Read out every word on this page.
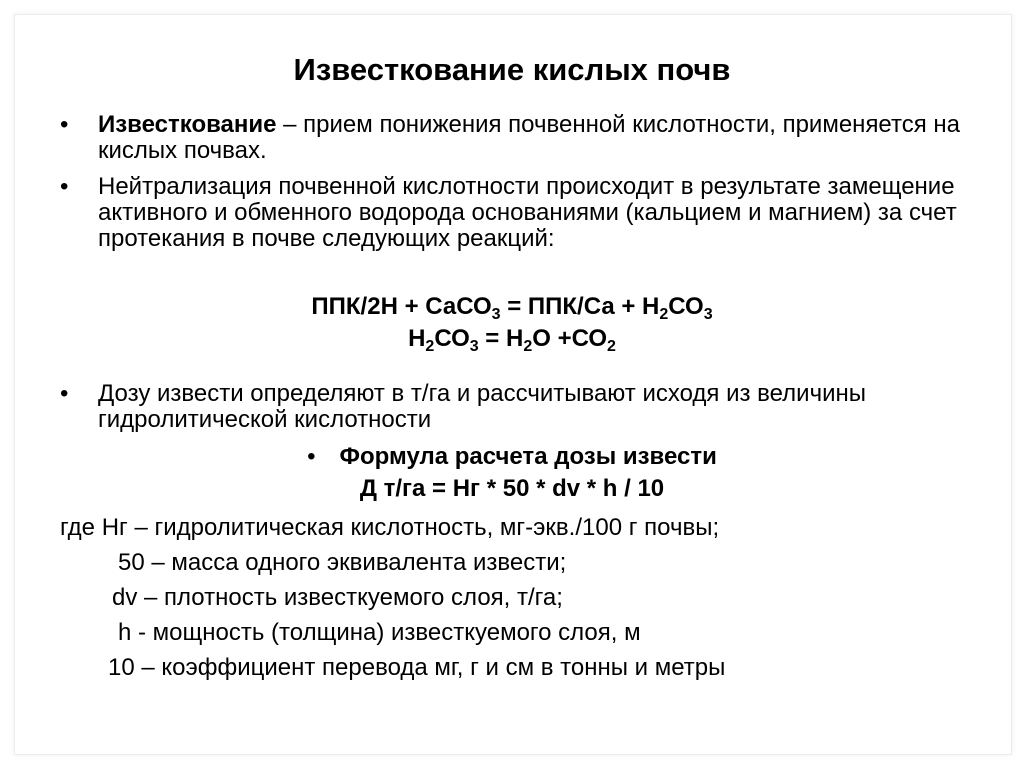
Известкование кислых почв
• Известкование – прием понижения почвенной кислотности, применяется на кислых почвах.
• Нейтрализация почвенной кислотности происходит в результате замещение активного и обменного водорода основаниями (кальцием и магнием) за счет протекания в почве следующих реакций:
ППК/2Н + СаСО$_3$ = $ППК/Са + Н_2СО_3$
$Н_2СО_3 = Н_2О +СО_2$
• Дозу извести определяют в т/га и рассчитывают исходя из величины гидролитической кислотности
• Формула расчета дозы извести
Д т/га = Нг * 50 * dv * h / 10
где Нг – гидролитическая кислотность, мг-экв./100 г почвы;
50 – масса одного эквивалента извести;
dv – плотность известкуемого слоя, т/га;
h - мощность (толщина) известкуемого слоя, м
10 – коэффициент перевода мг, г и см в тонны и метры
